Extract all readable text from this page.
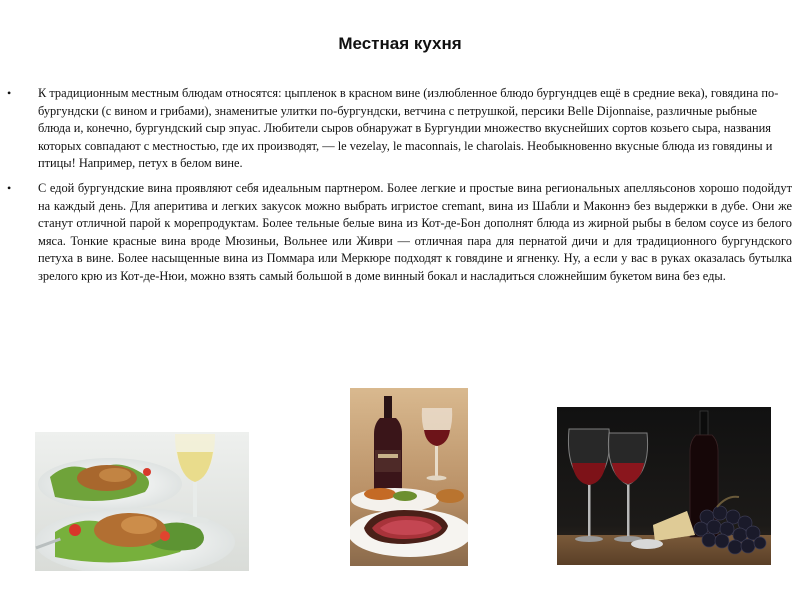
Местная кухня
• К традиционным местным блюдам относятся: цыпленок в красном вине (излюбленное блюдо бургундцев ещё в средние века), говядина по-бургундски (с вином и грибами), знаменитые улитки по-бургундски, ветчина с петрушкой, персики Belle Dijonnaise, различные рыбные блюда и, конечно, бургундский сыр эпуас. Любители сыров обнаружат в Бургундии множество вкуснейших сортов козьего сыра, названия которых совпадают с местностью, где их производят, — le vezelay, le maconnais, le charolais. Необыкновенно вкусные блюда из говядины и птицы! Например, петух в белом вине.
• С едой бургундские вина проявляют себя идеальным партнером. Более легкие и простые вина региональных апелляьсонов хорошо подойдут на каждый день. Для аперитива и легких закусок можно выбрать игристое cremant, вина из Шабли и Маконнэ без выдержки в дубе. Они же станут отличной парой к морепродуктам. Более тельные белые вина из Кот-де-Бон дополнят блюда из жирной рыбы в белом соусе из белого мяса. Тонкие красные вина вроде Мюзиньи, Вольнее или Живри — отличная пара для пернатой дичи и для традиционного бургундского петуха в вине. Более насыщенные вина из Поммара или Меркюре подходят к говядине и ягненку. Ну, а если у вас в руках оказалась бутылка зрелого крю из Кот-де-Нюи, можно взять самый большой в доме винный бокал и насладиться сложнейшим букетом вина без еды.
